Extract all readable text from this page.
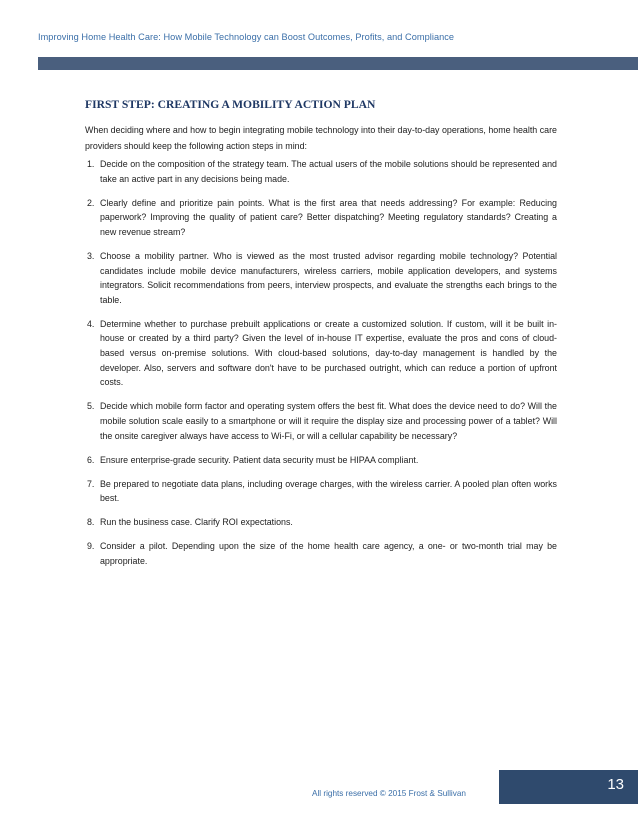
Improving Home Health Care: How Mobile Technology can Boost Outcomes, Profits, and Compliance
FIRST STEP: CREATING A MOBILITY ACTION PLAN

When deciding where and how to begin integrating mobile technology into their day-to-day operations, home health care providers should keep the following action steps in mind:

1. Decide on the composition of the strategy team. The actual users of the mobile solutions should be represented and take an active part in any decisions being made.
2. Clearly define and prioritize pain points. What is the first area that needs addressing? For example: Reducing paperwork? Improving the quality of patient care? Better dispatching? Meeting regulatory standards? Creating a new revenue stream?
3. Choose a mobility partner. Who is viewed as the most trusted advisor regarding mobile technology? Potential candidates include mobile device manufacturers, wireless carriers, mobile application developers, and systems integrators. Solicit recommendations from peers, interview prospects, and evaluate the strengths each brings to the table.
4. Determine whether to purchase prebuilt applications or create a customized solution. If custom, will it be built in-house or created by a third party? Given the level of in-house IT expertise, evaluate the pros and cons of cloud-based versus on-premise solutions. With cloud-based solutions, day-to-day management is handled by the developer. Also, servers and software don't have to be purchased outright, which can reduce a portion of upfront costs.
5. Decide which mobile form factor and operating system offers the best fit. What does the device need to do? Will the mobile solution scale easily to a smartphone or will it require the display size and processing power of a tablet? Will the onsite caregiver always have access to Wi-Fi, or will a cellular capability be necessary?
6. Ensure enterprise-grade security. Patient data security must be HIPAA compliant.
7. Be prepared to negotiate data plans, including overage charges, with the wireless carrier. A pooled plan often works best.
8. Run the business case. Clarify ROI expectations.
9. Consider a pilot. Depending upon the size of the home health care agency, a one- or two-month trial may be appropriate.
All rights reserved © 2015 Frost & Sullivan
13
